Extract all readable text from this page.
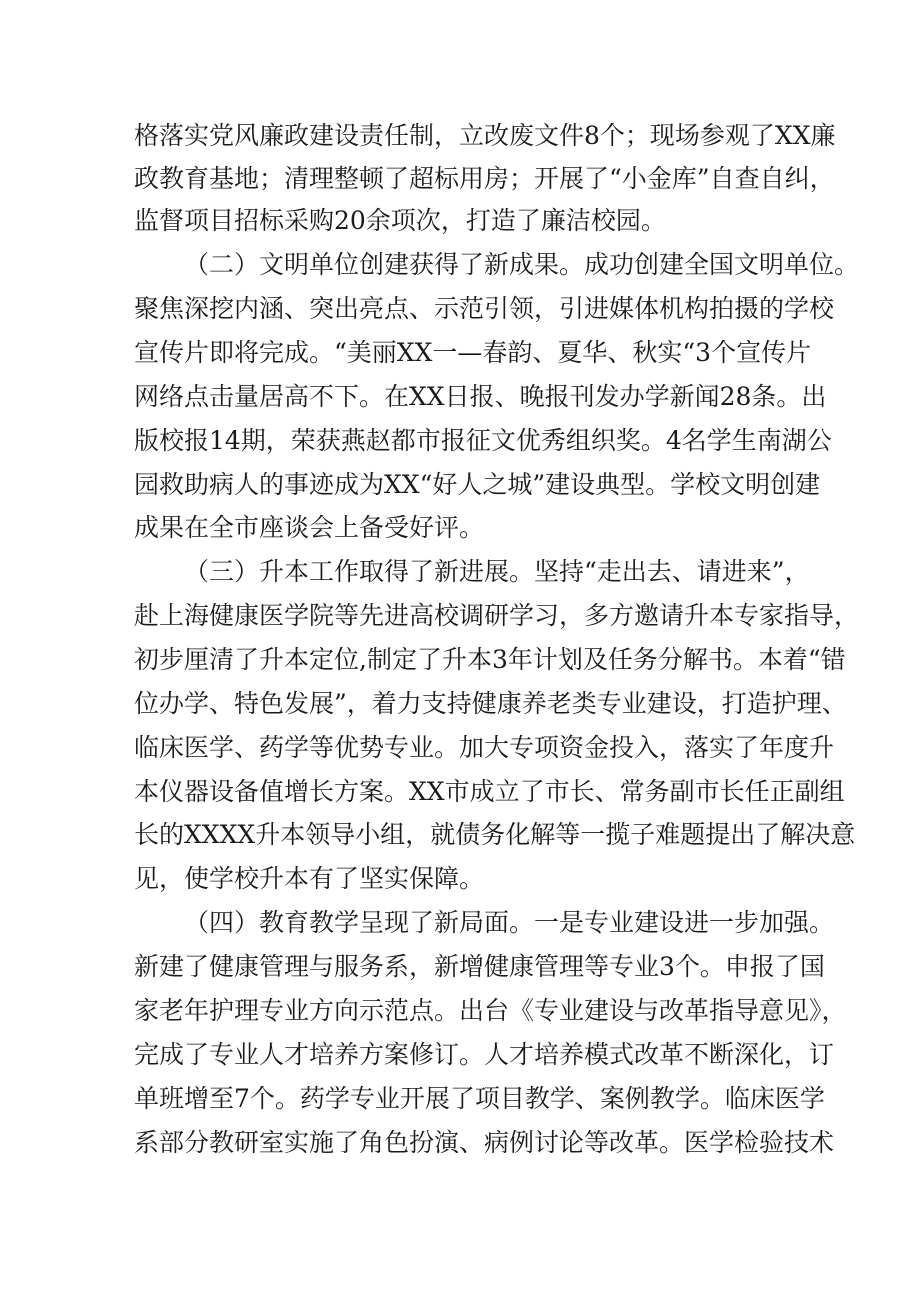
格落实党风廉政建设责任制，立改废文件8个；现场参观了XX廉

政教育基地；清理整顿了超标用房；开展了“小金库”自查自纠，

监督项目招标采购20余项次，打造了廉洁校园。

（二）文明单位创建获得了新成果。成功创建全国文明单位。

聚焦深挖内涵、突出亮点、示范引领，引进媒体机构拍摄的学校

宣传片即将完成。“美丽XX一—春韵、夏华、秋实“3个宣传片

网络点击量居高不下。在XX日报、晚报刊发办学新闻28条。出

版校报14期，荣获燕赵都市报征文优秀组织奖。4名学生南湖公

园救助病人的事迹成为XX“好人之城”建设典型。学校文明创建

成果在全市座谈会上备受好评。

（三）升本工作取得了新进展。坚持“走出去、请进来”，

赴上海健康医学院等先进高校调研学习，多方邀请升本专家指导，

初步厘清了升本定位,制定了升本3年计划及任务分解书。本着“错

位办学、特色发展”，着力支持健康养老类专业建设，打造护理、

临床医学、药学等优势专业。加大专项资金投入，落实了年度升

本仪器设备值增长方案。XX市成立了市长、常务副市长任正副组

长的XXXX升本领导小组，就债务化解等一揽子难题提出了解决意

见，使学校升本有了坚实保障。

（四）教育教学呈现了新局面。一是专业建设进一步加强。

新建了健康管理与服务系，新增健康管理等专业3个。申报了国

家老年护理专业方向示范点。出台《专业建设与改革指导意见》，

完成了专业人才培养方案修订。人才培养模式改革不断深化，订

单班增至7个。药学专业开展了项目教学、案例教学。临床医学

系部分教研室实施了角色扮演、病例讨论等改革。医学检验技术
